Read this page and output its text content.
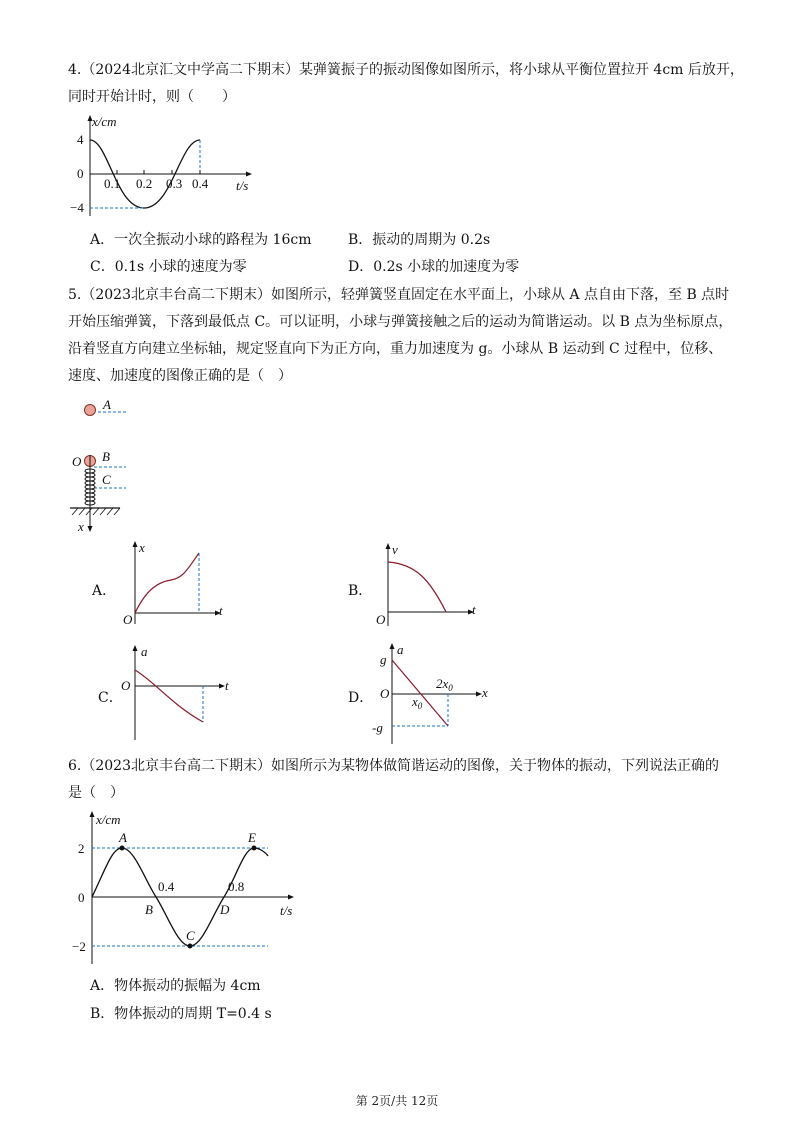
4.（2024北京汇文中学高二下期末）某弹簧振子的振动图像如图所示，将小球从平衡位置拉开 4cm 后放开，
同时开始计时，则（　　）
x/cm
4
0
−4
0.1 0.2 0.3 0.4 t/s
A．一次全振动小球的路程为 16cm	B．振动的周期为 0.2s
C．0.1s 小球的速度为零	D．0.2s 小球的加速度为零
5.（2023北京丰台高二下期末）如图所示，轻弹簧竖直固定在水平面上，小球从 A 点自由下落，至 B 点时
开始压缩弹簧，下落到最低点 C。可以证明，小球与弹簧接触之后的运动为简谐运动。以 B 点为坐标原点，
沿着竖直方向建立坐标轴，规定竖直向下为正方向，重力加速度为 g。小球从 B 运动到 C 过程中，位移、
速度、加速度的图像正确的是（　）
A
O B
C
x
A．
O
x
t
B．
O
v
t
C．
O
a
t
D．
g
-g
O
a
x
$x_0$
$2x_0$
6.（2023北京丰台高二下期末）如图所示为某物体做简谐运动的图像，关于物体的振动，下列说法正确的
是（　）
A
B
C
D
E
0.4	0.8
2
0
−2
x/cm
t/s
A．物体振动的振幅为 4cm
B．物体振动的周期 T=0.4 s
第 2页/共 12页
